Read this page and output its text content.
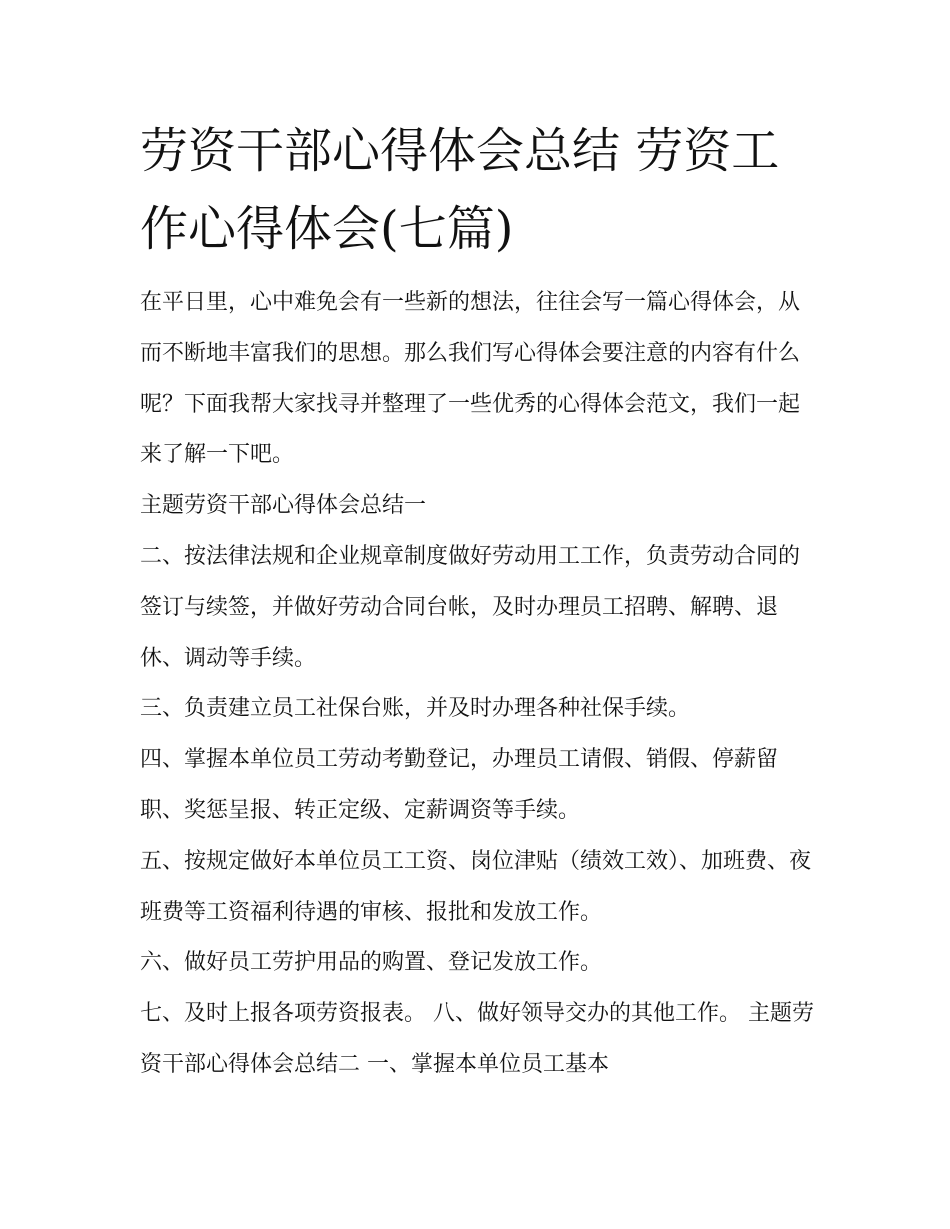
劳资干部心得体会总结 劳资工作心得体会(七篇)

在平日里，心中难免会有一些新的想法，往往会写一篇心得体会，从而不断地丰富我们的思想。那么我们写心得体会要注意的内容有什么呢？下面我帮大家找寻并整理了一些优秀的心得体会范文，我们一起来了解一下吧。

主题劳资干部心得体会总结一

二、按法律法规和企业规章制度做好劳动用工工作，负责劳动合同的签订与续签，并做好劳动合同台帐，及时办理员工招聘、解聘、退休、调动等手续。

三、负责建立员工社保台账，并及时办理各种社保手续。

四、掌握本单位员工劳动考勤登记，办理员工请假、销假、停薪留职、奖惩呈报、转正定级、定薪调资等手续。

五、按规定做好本单位员工工资、岗位津贴（绩效工效）、加班费、夜班费等工资福利待遇的审核、报批和发放工作。

六、做好员工劳护用品的购置、登记发放工作。

七、及时上报各项劳资报表。 八、做好领导交办的其他工作。 主题劳资干部心得体会总结二 一、掌握本单位员工基本
